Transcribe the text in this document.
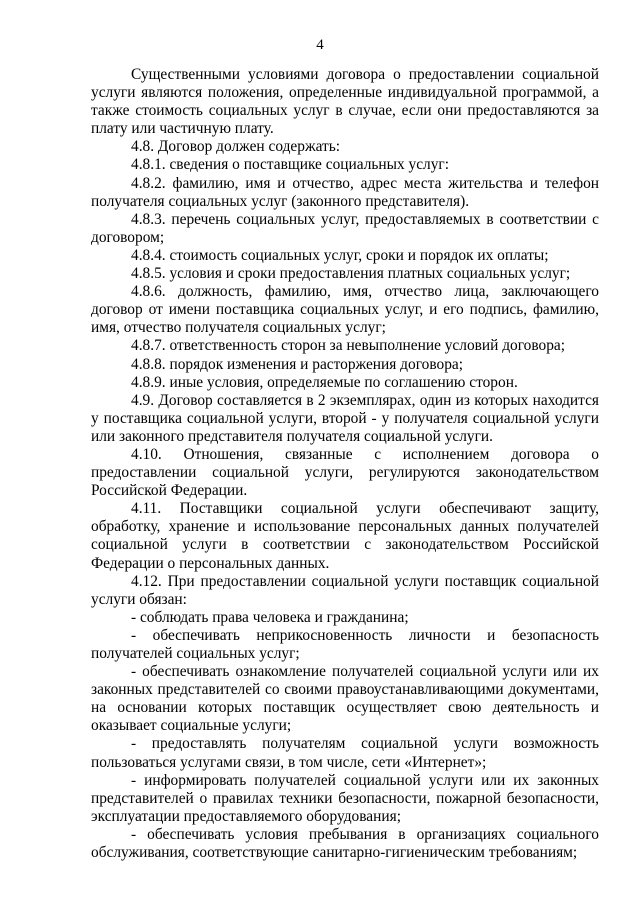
4

Существенными условиями договора о предоставлении социальной услуги являются положения, определенные индивидуальной программой, а также стоимость социальных услуг в случае, если они предоставляются за плату или частичную плату.

4.8. Договор должен содержать:

4.8.1. сведения о поставщике социальных услуг:

4.8.2. фамилию, имя и отчество, адрес места жительства и телефон получателя социальных услуг (законного представителя).

4.8.3. перечень социальных услуг, предоставляемых в соответствии с договором;

4.8.4. стоимость социальных услуг, сроки и порядок их оплаты;

4.8.5. условия и сроки предоставления платных социальных услуг;

4.8.6. должность, фамилию, имя, отчество лица, заключающего договор от имени поставщика социальных услуг, и его подпись, фамилию, имя, отчество получателя социальных услуг;

4.8.7. ответственность сторон за невыполнение условий договора;

4.8.8. порядок изменения и расторжения договора;

4.8.9. иные условия, определяемые по соглашению сторон.

4.9. Договор составляется в 2 экземплярах, один из которых находится у поставщика социальной услуги, второй - у получателя социальной услуги или законного представителя получателя социальной услуги.

4.10. Отношения, связанные с исполнением договора о предоставлении социальной услуги, регулируются законодательством Российской Федерации.

4.11. Поставщики социальной услуги обеспечивают защиту, обработку, хранение и использование персональных данных получателей социальной услуги в соответствии с законодательством Российской Федерации о персональных данных.

4.12. При предоставлении социальной услуги поставщик социальной услуги обязан:

- соблюдать права человека и гражданина;

- обеспечивать неприкосновенность личности и безопасность получателей социальных услуг;

- обеспечивать ознакомление получателей социальной услуги или их законных представителей со своими правоустанавливающими документами, на основании которых поставщик осуществляет свою деятельность и оказывает социальные услуги;

- предоставлять получателям социальной услуги возможность пользоваться услугами связи, в том числе, сети «Интернет»;

- информировать получателей социальной услуги или их законных представителей о правилах техники безопасности, пожарной безопасности, эксплуатации предоставляемого оборудования;

- обеспечивать условия пребывания в организациях социального обслуживания, соответствующие санитарно-гигиеническим требованиям;
